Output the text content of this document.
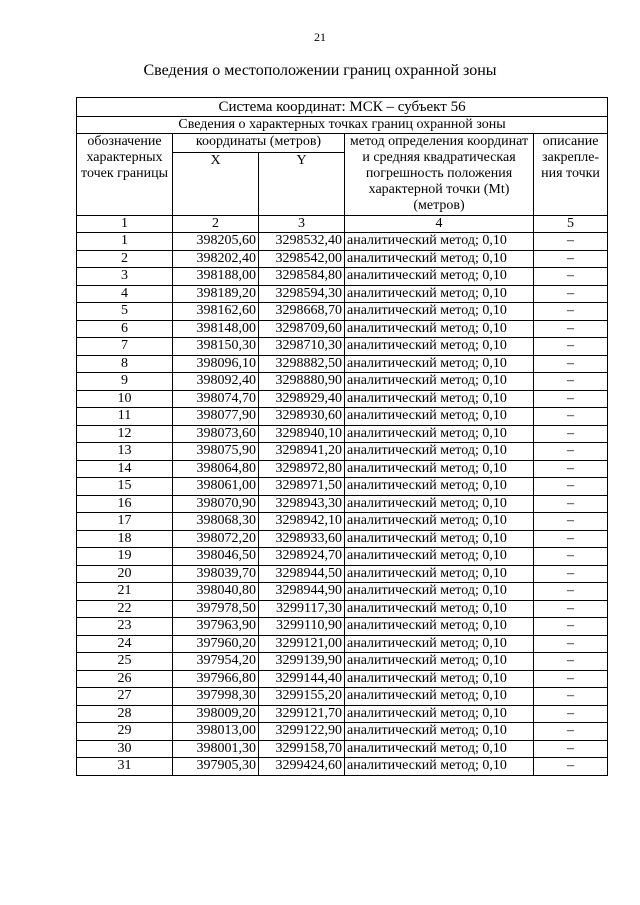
21
Сведения о местоположении границ охранной зоны
Система координат: МСК – субъект 56				
Сведения о характерных точках границ охранной зоны				
обозначение характерных точек границы	координаты (метров)		метод определения координат и средняя квадратическая погрешность положения характерной точки (Mt) (метров)	описание закрепле-ния точки
	X	Y		
1	2	3	4	5
1	398205,60	3298532,40	аналитический метод; 0,10	–
2	398202,40	3298542,00	аналитический метод; 0,10	–
3	398188,00	3298584,80	аналитический метод; 0,10	–
4	398189,20	3298594,30	аналитический метод; 0,10	–
5	398162,60	3298668,70	аналитический метод; 0,10	–
6	398148,00	3298709,60	аналитический метод; 0,10	–
7	398150,30	3298710,30	аналитический метод; 0,10	–
8	398096,10	3298882,50	аналитический метод; 0,10	–
9	398092,40	3298880,90	аналитический метод; 0,10	–
10	398074,70	3298929,40	аналитический метод; 0,10	–
11	398077,90	3298930,60	аналитический метод; 0,10	–
12	398073,60	3298940,10	аналитический метод; 0,10	–
13	398075,90	3298941,20	аналитический метод; 0,10	–
14	398064,80	3298972,80	аналитический метод; 0,10	–
15	398061,00	3298971,50	аналитический метод; 0,10	–
16	398070,90	3298943,30	аналитический метод; 0,10	–
17	398068,30	3298942,10	аналитический метод; 0,10	–
18	398072,20	3298933,60	аналитический метод; 0,10	–
19	398046,50	3298924,70	аналитический метод; 0,10	–
20	398039,70	3298944,50	аналитический метод; 0,10	–
21	398040,80	3298944,90	аналитический метод; 0,10	–
22	397978,50	3299117,30	аналитический метод; 0,10	–
23	397963,90	3299110,90	аналитический метод; 0,10	–
24	397960,20	3299121,00	аналитический метод; 0,10	–
25	397954,20	3299139,90	аналитический метод; 0,10	–
26	397966,80	3299144,40	аналитический метод; 0,10	–
27	397998,30	3299155,20	аналитический метод; 0,10	–
28	398009,20	3299121,70	аналитический метод; 0,10	–
29	398013,00	3299122,90	аналитический метод; 0,10	–
30	398001,30	3299158,70	аналитический метод; 0,10	–
31	397905,30	3299424,60	аналитический метод; 0,10	–
